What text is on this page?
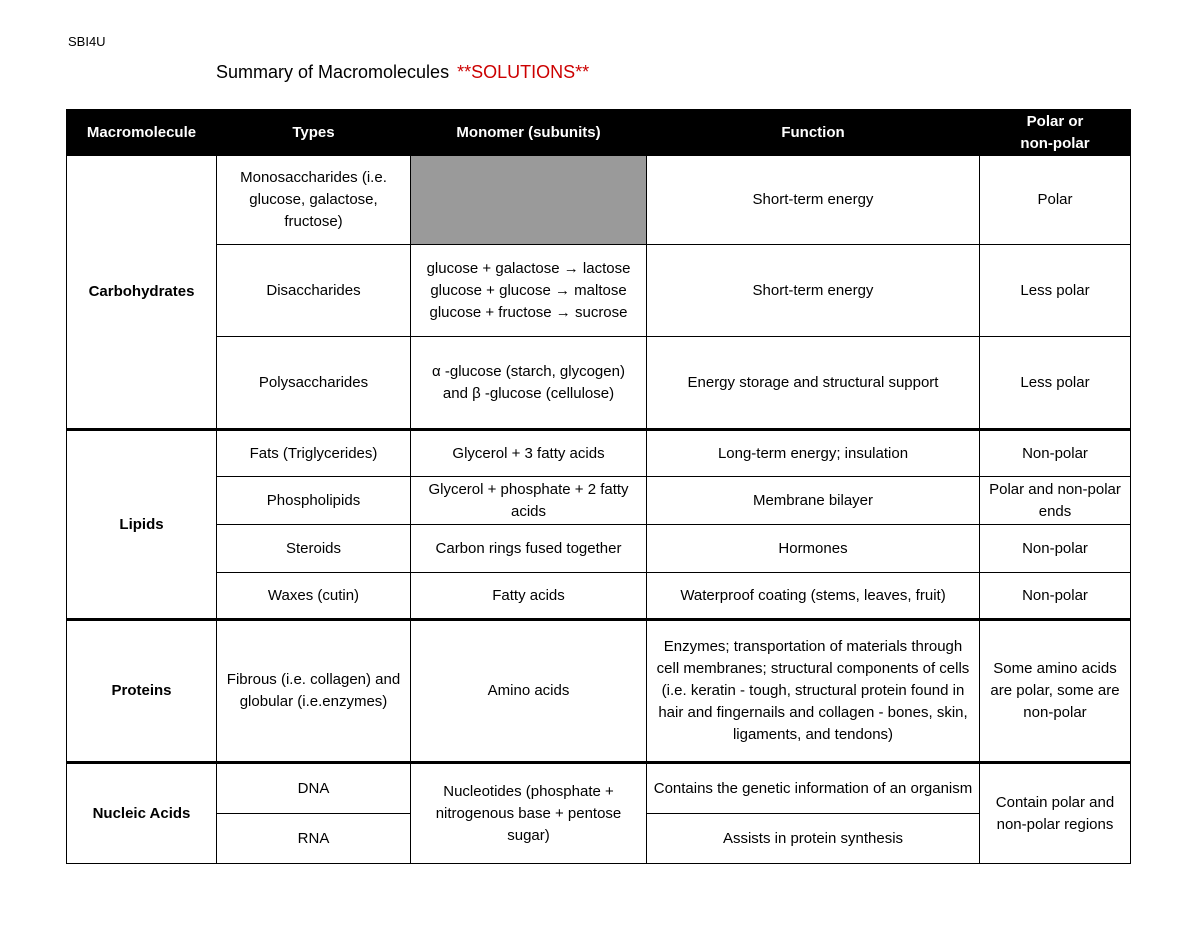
SBI4U
Summary of Macromolecules **SOLUTIONS**
Macromolecule	Types	Monomer (subunits)	Function	Polar or
non-polar
Carbohydrates	Monosaccharides (i.e. glucose, galactose, fructose)		Short-term energy	Polar
	Disaccharides	glucose + galactose → lactose
glucose + glucose → maltose
glucose + fructose → sucrose	Short-term energy	Less polar
	Polysaccharides	α -glucose (starch, glycogen)
and β -glucose (cellulose)	Energy storage and structural support	Less polar
Lipids	Fats (Triglycerides)	Glycerol + 3 fatty acids	Long-term energy; insulation	Non-polar
	Phospholipids	Glycerol + phosphate + 2 fatty acids	Membrane bilayer	Polar and non-polar ends
	Steroids	Carbon rings fused together	Hormones	Non-polar
	Waxes (cutin)	Fatty acids	Waterproof coating (stems, leaves, fruit)	Non-polar
Proteins	Fibrous (i.e. collagen) and globular (i.e.enzymes)	Amino acids	Enzymes; transportation of materials through cell membranes; structural components of cells (i.e. keratin - tough, structural protein found in hair and fingernails and collagen - bones, skin, ligaments, and tendons)	Some amino acids are polar, some are non-polar
Nucleic Acids	DNA	Nucleotides (phosphate + nitrogenous base + pentose sugar)	Contains the genetic information of an organism	Contain polar and non-polar regions
	RNA		Assists in protein synthesis	
